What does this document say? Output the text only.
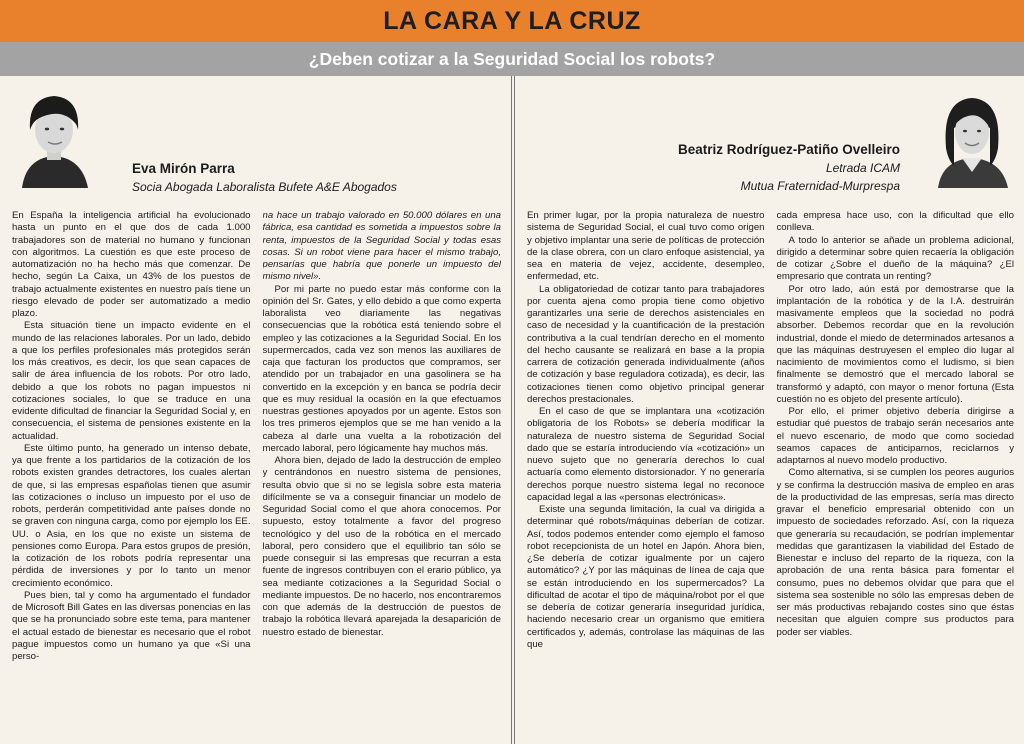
LA CARA Y LA CRUZ
¿Deben cotizar a la Seguridad Social los robots?
Eva Mirón Parra
Socia Abogada Laboralista Bufete A&E Abogados

En España la inteligencia artificial ha evolucionado hasta un punto en el que dos de cada 1.000 trabajadores son de material no humano y funcionan con algoritmos. La cuestión es que este proceso de automatización no ha hecho más que comenzar. De hecho, según La Caixa, un 43% de los puestos de trabajo actualmente existentes en nuestro país tiene un riesgo elevado de poder ser automatizado a medio plazo.

Esta situación tiene un impacto evidente en el mundo de las relaciones laborales. Por un lado, debido a que los perfiles profesionales más protegidos serán los más creativos, es decir, los que sean capaces de salir de área influencia de los robots. Por otro lado, debido a que los robots no pagan impuestos ni cotizaciones sociales, lo que se traduce en una evidente dificultad de financiar la Seguridad Social y, en consecuencia, el sistema de pensiones existente en la actualidad.

Este último punto, ha generado un intenso debate, ya que frente a los partidarios de la cotización de los robots existen grandes detractores, los cuales alertan de que, si las empresas españolas tienen que asumir las cotizaciones o incluso un impuesto por el uso de robots, perderán competitividad ante países donde no se graven con ninguna carga, como por ejemplo los EE. UU. o Asia, en los que no existe un sistema de pensiones como Europa. Para estos grupos de presión, la cotización de los robots podría representar una pérdida de inversiones y por lo tanto un menor crecimiento económico.

Pues bien, tal y como ha argumentado el fundador de Microsoft Bill Gates en las diversas ponencias en las que se ha pronunciado sobre este tema, para mantener el actual estado de bienestar es necesario que el robot pague impuestos como un humano ya que «Si una perso-

na hace un trabajo valorado en 50.000 dólares en una fábrica, esa cantidad es sometida a impuestos sobre la renta, impuestos de la Seguridad Social y todas esas cosas. Si un robot viene para hacer el mismo trabajo, pensarías que habría que ponerle un impuesto del mismo nivel».

Por mi parte no puedo estar más conforme con la opinión del Sr. Gates, y ello debido a que como experta laboralista veo diariamente las negativas consecuencias que la robótica está teniendo sobre el empleo y las cotizaciones a la Seguridad Social. En los supermercados, cada vez son menos las auxiliares de caja que facturan los productos que compramos, ser atendido por un trabajador en una gasolinera se ha convertido en la excepción y en banca se podría decir que es muy residual la ocasión en la que efectuamos nuestras gestiones apoyados por un agente. Estos son los tres primeros ejemplos que se me han venido a la cabeza al darle una vuelta a la robotización del mercado laboral, pero lógicamente hay muchos más.

Ahora bien, dejado de lado la destrucción de empleo y centrándonos en nuestro sistema de pensiones, resulta obvio que si no se legisla sobre esta materia difícilmente se va a conseguir financiar un modelo de Seguridad Social como el que ahora conocemos. Por supuesto, estoy totalmente a favor del progreso tecnológico y del uso de la robótica en el mercado laboral, pero considero que el equilibrio tan sólo se puede conseguir si las empresas que recurran a esta fuente de ingresos contribuyen con el erario público, ya sea mediante cotizaciones a la Seguridad Social o mediante impuestos. De no hacerlo, nos encontraremos con que además de la destrucción de puestos de trabajo la robótica llevará aparejada la desaparición de nuestro estado de bienestar.

Beatriz Rodríguez-Patiño Ovelleiro
Letrada ICAM
Mutua Fraternidad-Murprespa

En primer lugar, por la propia naturaleza de nuestro sistema de Seguridad Social, el cual tuvo como origen y objetivo implantar una serie de políticas de protección de la clase obrera, con un claro enfoque asistencial, ya sea en materia de vejez, accidente, desempleo, enfermedad, etc.

La obligatoriedad de cotizar tanto para trabajadores por cuenta ajena como propia tiene como objetivo garantizarles una serie de derechos asistenciales en caso de necesidad y la cuantificación de la prestación contributiva a la cual tendrían derecho en el momento del hecho causante se realizará en base a la propia carrera de cotización generada individualmente (años de cotización y base reguladora cotizada), es decir, las cotizaciones tienen como objetivo principal generar derechos prestacionales.

En el caso de que se implantara una «cotización obligatoria de los Robots» se debería modificar la naturaleza de nuestro sistema de Seguridad Social dado que se estaría introduciendo vía «cotización» un nuevo sujeto que no generaría derechos lo cual actuaría como elemento distorsionador. Y no generaría derechos porque nuestro sistema legal no reconoce capacidad legal a las «personas electrónicas».

Existe una segunda limitación, la cual va dirigida a determinar qué robots/máquinas deberían de cotizar. Así, todos podemos entender como ejemplo el famoso robot recepcionista de un hotel en Japón. Ahora bien, ¿Se debería de cotizar igualmente por un cajero automático? ¿Y por las máquinas de línea de caja que se están introduciendo en los supermercados? La dificultad de acotar el tipo de máquina/robot por el que se debería de cotizar generaría inseguridad jurídica, haciendo necesario crear un organismo que emitiera certificados y, además, controlase las máquinas de las que

cada empresa hace uso, con la dificultad que ello conlleva.

A todo lo anterior se añade un problema adicional, dirigido a determinar sobre quien recaería la obligación de cotizar ¿Sobre el dueño de la máquina? ¿El empresario que contrata un renting?

Por otro lado, aún está por demostrarse que la implantación de la robótica y de la I.A. destruirán masivamente empleos que la sociedad no podrá absorber. Debemos recordar que en la revolución industrial, donde el miedo de determinados artesanos a que las máquinas destruyesen el empleo dio lugar al nacimiento de movimientos como el ludismo, si bien finalmente se demostró que el mercado laboral se transformó y adaptó, con mayor o menor fortuna (Esta cuestión no es objeto del presente artículo).

Por ello, el primer objetivo debería dirigirse a estudiar qué puestos de trabajo serán necesarios ante el nuevo escenario, de modo que como sociedad seamos capaces de anticiparnos, reciclarnos y adaptarnos al nuevo modelo productivo.

Como alternativa, si se cumplen los peores augurios y se confirma la destrucción masiva de empleo en aras de la productividad de las empresas, sería mas directo gravar el beneficio empresarial obtenido con un impuesto de sociedades reforzado. Así, con la riqueza que generaría su recaudación, se podrían implementar medidas que garantizasen la viabilidad del Estado de Bienestar e incluso del reparto de la riqueza, con la aprobación de una renta básica para fomentar el consumo, pues no debemos olvidar que para que el sistema sea sostenible no sólo las empresas deben de ser más productivas rebajando costes sino que éstas necesitan que alguien compre sus productos para poder ser viables.
